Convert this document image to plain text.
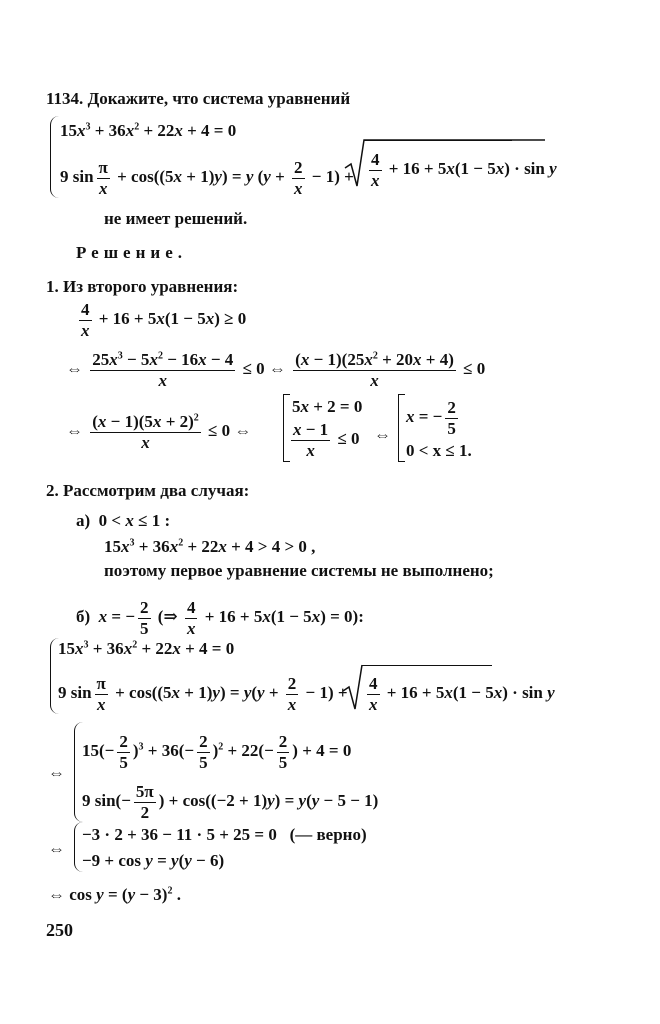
1134. Докажите, что система уравнений
$15x^3 + 36x^2 + 22x + 4 = 0$
9 $\sin \frac{\pi}{x} + \cos((5x + 1)y) = y$ $(y + \frac{2}{x} - 1) + \frac{4}{x} + 16 + 5x(1 - 5x) \cdot \sin y$
не имеет решений.
Решение.
1. Из второго уравнения:
$\frac{4}{x} + 16 + 5x(1 - 5x) \ge 0$
⇔ $\frac{25x^3 - 5x^2 - 16x - 4}{x} \le 0$ ⇔ $\frac{(x - 1)(25x^2 + 20x + 4)}{x} \le 0$
⇔ $\frac{(x - 1)(5x + 2)^2}{x} \le 0$ ⇔
5x + 2 = 0
$\frac{x - 1}{x} \le 0$ ⇔
x = − $\frac{2}{5}$
0 < x ≤ 1.
2. Рассмотрим два случая:
а)  0 < x ≤ 1 :
$15x^3 + 36x^2 + 22x + 4 > 4 > 0$ ,
поэтому первое уравнение системы не выполнено;
б) x = − $\frac{2}{5}$ (⇒ $\frac{4}{x} + 16 + 5x(1 - 5x) = 0$):
$15x^3 + 36x^2 + 22x + 4 = 0$
9 $\sin \frac{\pi}{x} + \cos((5x + 1)y) = y(y + \frac{2}{x} - 1) + \frac{4}{x} + 16 + 5x(1 - 5x) \cdot \sin y$
⇔
$15(- \frac{2}{5} )^3 + 36(- \frac{2}{5} )^2 + 22(- \frac{2}{5}$ ) + 4 = 0
9 $\sin(- \frac{5\pi}{2}$ ) + cos((−2 + 1)y) = y(y − 5 − 1)
⇔
−3 · 2 + 36 − 11 · 5 + 25 = 0 (— верно)
−9 + cos y = y(y − 6)
⇔ $\cos y = (y - 3)^2$ .
250
